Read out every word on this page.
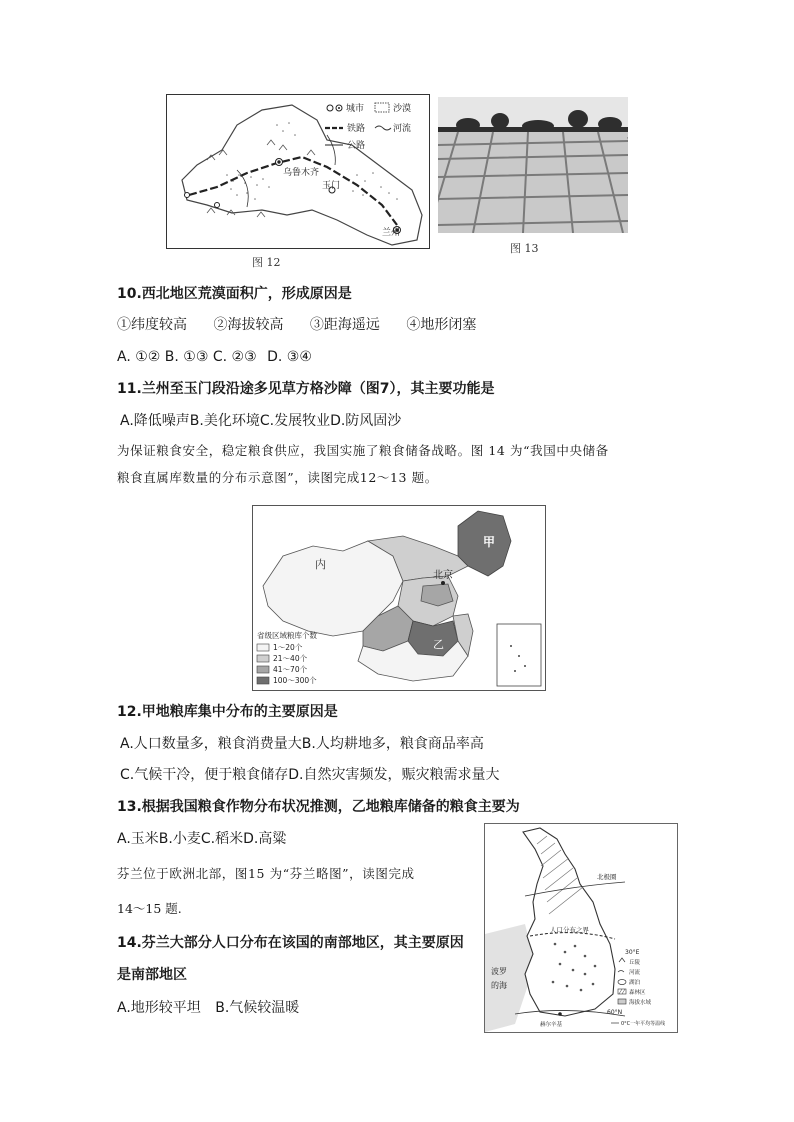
乌鲁木齐
玉门
兰州
城市	沙漠
铁路	河流
公路
图 12
图 13
10.西北地区荒漠面积广，形成原因是
①纬度较高 ②海拔较高 ③距海遥远 ④地形闭塞
A. ①② B. ①③ C. ②③ D. ③④
11.兰州至玉门段沿途多见草方格沙障（图7），其主要功能是
A.降低噪声B.美化环境C.发展牧业D.防风固沙
为保证粮食安全，稳定粮食供应，我国实施了粮食储备战略。图 14 为“我国中央储备
粮食直属库数量的分布示意图”，读图完成12～13 题。
甲
乙
内
北京
省级区域粮库个数
1～20个
21～40个
41～70个
100～300个
12.甲地粮库集中分布的主要原因是
A.人口数量多，粮食消费量大B.人均耕地多，粮食商品率高
C.气候干冷，便于粮食储存D.自然灾害频发，赈灾粮需求量大
13.根据我国粮食作物分布状况推测，乙地粮库储备的粮食主要为
A.玉米B.小麦C.稻米D.高粱
芬兰位于欧洲北部，图15 为“芬兰略图”，读图完成
14～15 题.
14.芬兰大部分人口分布在该国的南部地区，其主要原因
是南部地区
A.地形较平坦 B.气候较温暖
北极圈
人口分布之界
波罗
的海
赫尔辛基
30°E
60°N
丘陵
河流
湖泊
森林区
海拔水域
0°C一年平均等温线
